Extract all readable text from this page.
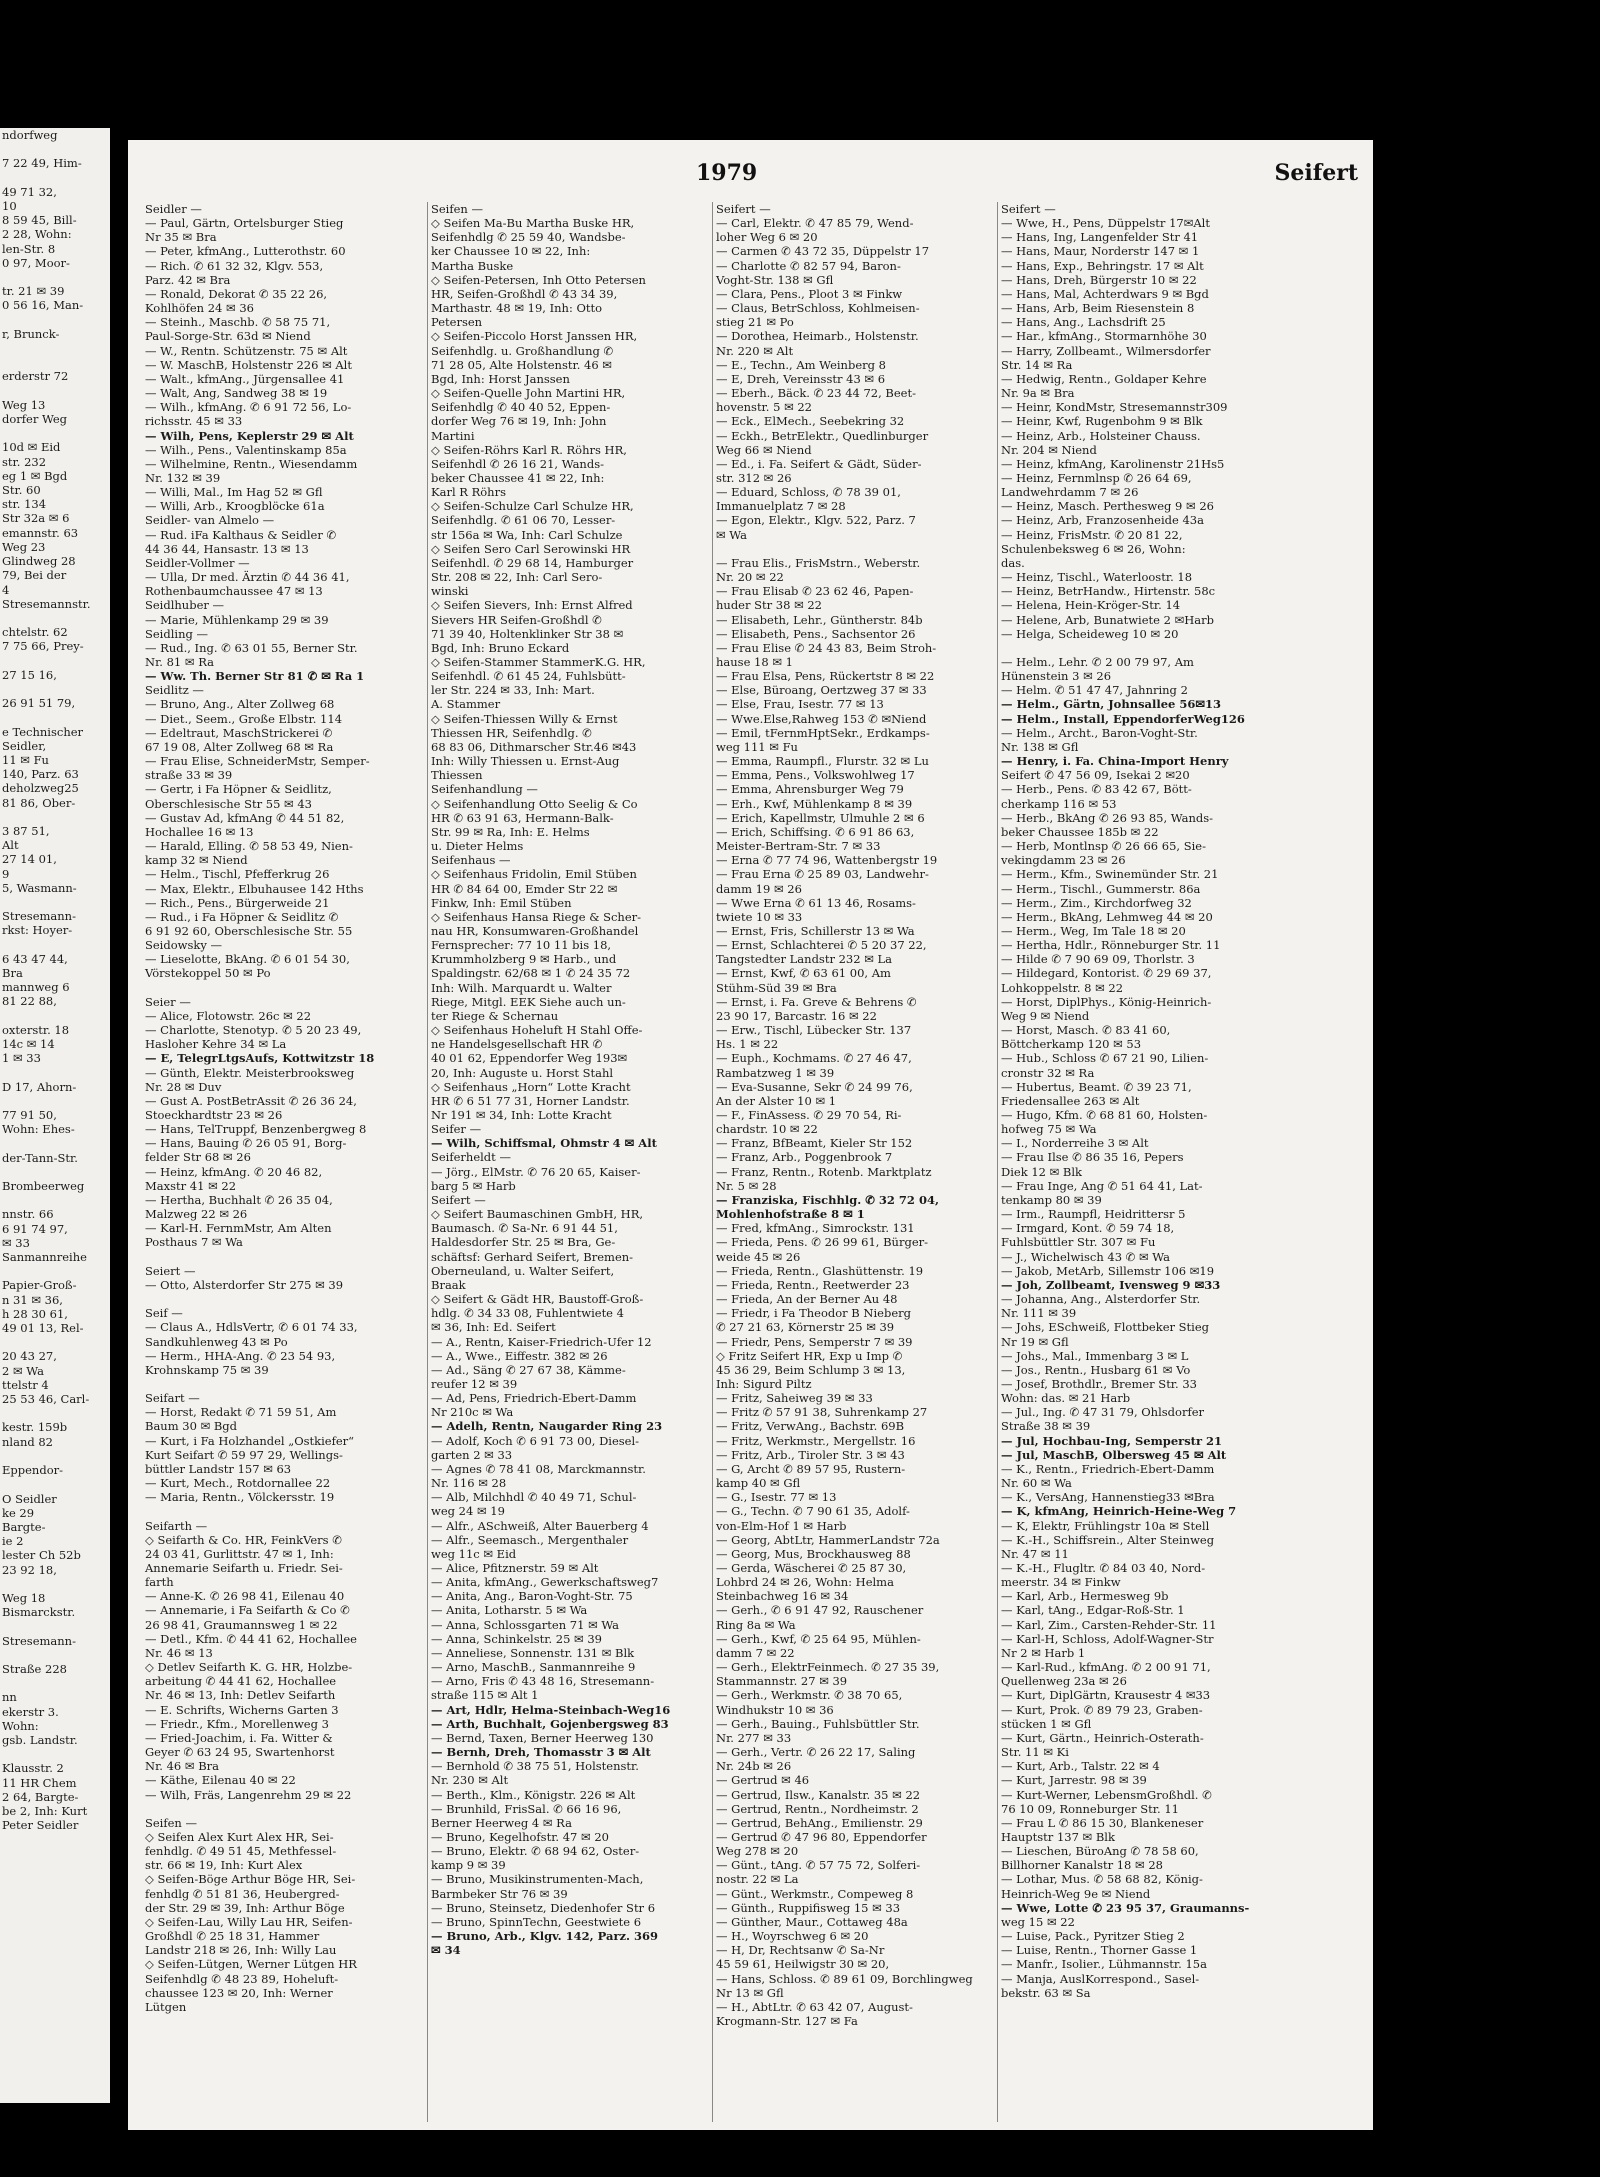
ndorfweg

7 22 49, Him-

49 71 32,
10
8 59 45, Bill-
2 28, Wohn:
len-Str. 8
0 97, Moor-

tr. 21 ✉ 39
0 56 16, Man-

r, Brunck-

erderstr 72

Weg 13
dorfer Weg

10d ✉ Eid
str. 232
eg 1 ✉ Bgd
Str. 60
str. 134
Str 32a ✉ 6
emannstr. 63
Weg 23
Glindweg 28
79, Bei der
4
Stresemannstr.

chtelstr. 62
7 75 66, Prey-

27 15 16,

26 91 51 79,

e Technischer
Seidler,
11 ✉ Fu
140, Parz. 63
deholzweg25
81 86, Ober-

3 87 51,
Alt
27 14 01,
9
5, Wasmann-

Stresemann-
rkst: Hoyer-

6 43 47 44,
Bra
mannweg 6
81 22 88,

oxterstr. 18
14c ✉ 14
1 ✉ 33

D 17, Ahorn-

77 91 50,
Wohn: Ehes-

der-Tann-Str.

Brombeerweg

nnstr. 66
6 91 74 97,
✉ 33
Sanmannreihe

Papier-Groß-
n 31 ✉ 36,
h 28 30 61,
49 01 13, Rel-

20 43 27,
2 ✉ Wa
ttelstr 4
25 53 46, Carl-

kestr. 159b
nland 82

Eppendor-

O Seidler
ke 29
Bargte-
ie 2
lester Ch 52b
23 92 18,

Weg 18
Bismarckstr.

Stresemann-

Straße 228

nn
ekerstr 3.
Wohn:
gsb. Landstr.

Klausstr. 2
11 HR Chem
2 64, Bargte-
be 2, Inh: Kurt
Peter Seidler
1979	Seifert
Seidler —
— Paul, Gärtn, Ortelsburger Stieg
Nr 35 ✉ Bra
— Peter, kfmAng., Lutterothstr. 60
— Rich. ✆ 61 32 32, Klgv. 553,
Parz. 42 ✉ Bra
— Ronald, Dekorat ✆ 35 22 26,
Kohlhöfen 24 ✉ 36
— Steinh., Maschb. ✆ 58 75 71,
Paul-Sorge-Str. 63d ✉ Niend
— W., Rentn. Schützenstr. 75 ✉ Alt
— W. MaschB, Holstenstr 226 ✉ Alt
— Walt., kfmAng., Jürgensallee 41
— Walt, Ang, Sandweg 38 ✉ 19
— Wilh., kfmAng. ✆ 6 91 72 56, Lo-
richsstr. 45 ✉ 33
— Wilh, Pens, Keplerstr 29 ✉ Alt
— Wilh., Pens., Valentinskamp 85a
— Wilhelmine, Rentn., Wiesendamm
Nr. 132 ✉ 39
— Willi, Mal., Im Hag 52 ✉ Gfl
— Willi, Arb., Kroogblöcke 61a
Seidler- van Almelo —
— Rud. iFa Kalthaus & Seidler ✆
44 36 44, Hansastr. 13 ✉ 13
Seidler-Vollmer —
— Ulla, Dr med. Ärztin ✆ 44 36 41,
Rothenbaumchaussee 47 ✉ 13
Seidlhuber —
— Marie, Mühlenkamp 29 ✉ 39
Seidling —
— Rud., Ing. ✆ 63 01 55, Berner Str.
Nr. 81 ✉ Ra
— Ww. Th. Berner Str 81 ✆ ✉ Ra 1
Seidlitz —
— Bruno, Ang., Alter Zollweg 68
— Diet., Seem., Große Elbstr. 114
— Edeltraut, MaschStrickerei ✆
67 19 08, Alter Zollweg 68 ✉ Ra
— Frau Elise, SchneiderMstr, Semper-
straße 33 ✉ 39
— Gertr, i Fa Höpner & Seidlitz,
Oberschlesische Str 55 ✉ 43
— Gustav Ad, kfmAng ✆ 44 51 82,
Hochallee 16 ✉ 13
— Harald, Elling. ✆ 58 53 49, Nien-
kamp 32 ✉ Niend
— Helm., Tischl, Pfefferkrug 26
— Max, Elektr., Elbuhausee 142 Hths
— Rich., Pens., Bürgerweide 21
— Rud., i Fa Höpner & Seidlitz ✆
6 91 92 60, Oberschlesische Str. 55
Seidowsky —
— Lieselotte, BkAng. ✆ 6 01 54 30,
Vörstekoppel 50 ✉ Po

Seier —
— Alice, Flotowstr. 26c ✉ 22
— Charlotte, Stenotyp. ✆ 5 20 23 49,
Hasloher Kehre 34 ✉ La
— E, TelegrLtgsAufs, Kottwitzstr 18
— Günth, Elektr. Meisterbrooksweg
Nr. 28 ✉ Duv
— Gust A. PostBetrAssit ✆ 26 36 24,
Stoeckhardtstr 23 ✉ 26
— Hans, TelTruppf, Benzenbergweg 8
— Hans, Bauing ✆ 26 05 91, Borg-
felder Str 68 ✉ 26
— Heinz, kfmAng. ✆ 20 46 82,
Maxstr 41 ✉ 22
— Hertha, Buchhalt ✆ 26 35 04,
Malzweg 22 ✉ 26
— Karl-H. FernmMstr, Am Alten
Posthaus 7 ✉ Wa

Seiert —
— Otto, Alsterdorfer Str 275 ✉ 39

Seif —
— Claus A., HdlsVertr, ✆ 6 01 74 33,
Sandkuhlenweg 43 ✉ Po
— Herm., HHA-Ang. ✆ 23 54 93,
Krohnskamp 75 ✉ 39

Seifart —
— Horst, Redakt ✆ 71 59 51, Am
Baum 30 ✉ Bgd
— Kurt, i Fa Holzhandel „Ostkiefer“
Kurt Seifart ✆ 59 97 29, Wellings-
büttler Landstr 157 ✉ 63
— Kurt, Mech., Rotdornallee 22
— Maria, Rentn., Völckersstr. 19

Seifarth —
◇ Seifarth & Co. HR, FeinkVers ✆
24 03 41, Gurlittstr. 47 ✉ 1, Inh:
Annemarie Seifarth u. Friedr. Sei-
farth
— Anne-K. ✆ 26 98 41, Eilenau 40
— Annemarie, i Fa Seifarth & Co ✆
26 98 41, Graumannsweg 1 ✉ 22
— Detl., Kfm. ✆ 44 41 62, Hochallee
Nr. 46 ✉ 13
◇ Detlev Seifarth K. G. HR, Holzbe-
arbeitung ✆ 44 41 62, Hochallee
Nr. 46 ✉ 13, Inh: Detlev Seifarth
— E. Schrifts, Wicherns Garten 3
— Friedr., Kfm., Morellenweg 3
— Fried-Joachim, i. Fa. Witter &
Geyer ✆ 63 24 95, Swartenhorst
Nr. 46 ✉ Bra
— Käthe, Eilenau 40 ✉ 22
— Wilh, Fräs, Langenrehm 29 ✉ 22

Seifen —
◇ Seifen Alex Kurt Alex HR, Sei-
fenhdlg. ✆ 49 51 45, Methfessel-
str. 66 ✉ 19, Inh: Kurt Alex
◇ Seifen-Böge Arthur Böge HR, Sei-
fenhdlg ✆ 51 81 36, Heubergred-
der Str. 29 ✉ 39, Inh: Arthur Böge
◇ Seifen-Lau, Willy Lau HR, Seifen-
Großhdl ✆ 25 18 31, Hammer
Landstr 218 ✉ 26, Inh: Willy Lau
◇ Seifen-Lütgen, Werner Lütgen HR
Seifenhdlg ✆ 48 23 89, Hoheluft-
chaussee 123 ✉ 20, Inh: Werner
Lütgen
Seifen —
◇ Seifen Ma-Bu Martha Buske HR,
Seifenhdlg ✆ 25 59 40, Wandsbe-
ker Chaussee 10 ✉ 22, Inh:
Martha Buske
◇ Seifen-Petersen, Inh Otto Petersen
HR, Seifen-Großhdl ✆ 43 34 39,
Marthastr. 48 ✉ 19, Inh: Otto
Petersen
◇ Seifen-Piccolo Horst Janssen HR,
Seifenhdlg. u. Großhandlung ✆
71 28 05, Alte Holstenstr. 46 ✉
Bgd, Inh: Horst Janssen
◇ Seifen-Quelle John Martini HR,
Seifenhdlg ✆ 40 40 52, Eppen-
dorfer Weg 76 ✉ 19, Inh: John
Martini
◇ Seifen-Röhrs Karl R. Röhrs HR,
Seifenhdl ✆ 26 16 21, Wands-
beker Chaussee 41 ✉ 22, Inh:
Karl R Röhrs
◇ Seifen-Schulze Carl Schulze HR,
Seifenhdlg. ✆ 61 06 70, Lesser-
str 156a ✉ Wa, Inh: Carl Schulze
◇ Seifen Sero Carl Serowinski HR
Seifenhdl. ✆ 29 68 14, Hamburger
Str. 208 ✉ 22, Inh: Carl Sero-
winski
◇ Seifen Sievers, Inh: Ernst Alfred
Sievers HR Seifen-Großhdl ✆
71 39 40, Holtenklinker Str 38 ✉
Bgd, Inh: Bruno Eckard
◇ Seifen-Stammer StammerK.G. HR,
Seifenhdl. ✆ 61 45 24, Fuhlsbütt-
ler Str. 224 ✉ 33, Inh: Mart.
A. Stammer
◇ Seifen-Thiessen Willy & Ernst
Thiessen HR, Seifenhdlg. ✆
68 83 06, Dithmarscher Str.46 ✉43
Inh: Willy Thiessen u. Ernst-Aug
Thiessen
Seifenhandlung —
◇ Seifenhandlung Otto Seelig & Co
HR ✆ 63 91 63, Hermann-Balk-
Str. 99 ✉ Ra, Inh: E. Helms
u. Dieter Helms
Seifenhaus —
◇ Seifenhaus Fridolin, Emil Stüben
HR ✆ 84 64 00, Emder Str 22 ✉
Finkw, Inh: Emil Stüben
◇ Seifenhaus Hansa Riege & Scher-
nau HR, Konsumwaren-Großhandel
Fernsprecher: 77 10 11 bis 18,
Krummholzberg 9 ✉ Harb., und
Spaldingstr. 62/68 ✉ 1 ✆ 24 35 72
Inh: Wilh. Marquardt u. Walter
Riege, Mitgl. EEK Siehe auch un-
ter Riege & Schernau
◇ Seifenhaus Hoheluft H Stahl Offe-
ne Handelsgesellschaft HR ✆
40 01 62, Eppendorfer Weg 193✉
20, Inh: Auguste u. Horst Stahl
◇ Seifenhaus „Horn“ Lotte Kracht
HR ✆ 6 51 77 31, Horner Landstr.
Nr 191 ✉ 34, Inh: Lotte Kracht
Seifer —
— Wilh, Schiffsmal, Ohmstr 4 ✉ Alt
Seiferheldt —
— Jörg., ElMstr. ✆ 76 20 65, Kaiser-
barg 5 ✉ Harb
Seifert —
◇ Seifert Baumaschinen GmbH, HR,
Baumasch. ✆ Sa-Nr. 6 91 44 51,
Haldesdorfer Str. 25 ✉ Bra, Ge-
schäftsf: Gerhard Seifert, Bremen-
Oberneuland, u. Walter Seifert,
Braak
◇ Seifert & Gädt HR, Baustoff-Groß-
hdlg. ✆ 34 33 08, Fuhlentwiete 4
✉ 36, Inh: Ed. Seifert
— A., Rentn, Kaiser-Friedrich-Ufer 12
— A., Wwe., Eiffestr. 382 ✉ 26
— Ad., Säng ✆ 27 67 38, Kämme-
reufer 12 ✉ 39
— Ad, Pens, Friedrich-Ebert-Damm
Nr 210c ✉ Wa
— Adelh, Rentn, Naugarder Ring 23
— Adolf, Koch ✆ 6 91 73 00, Diesel-
garten 2 ✉ 33
— Agnes ✆ 78 41 08, Marckmannstr.
Nr. 116 ✉ 28
— Alb, Milchhdl ✆ 40 49 71, Schul-
weg 24 ✉ 19
— Alfr., ASchweiß, Alter Bauerberg 4
— Alfr., Seemasch., Mergenthaler
weg 11c ✉ Eid
— Alice, Pfitznerstr. 59 ✉ Alt
— Anita, kfmAng., Gewerkschaftsweg7
— Anita, Ang., Baron-Voght-Str. 75
— Anita, Lotharstr. 5 ✉ Wa
— Anna, Schlossgarten 71 ✉ Wa
— Anna, Schinkelstr. 25 ✉ 39
— Anneliese, Sonnenstr. 131 ✉ Blk
— Arno, MaschB., Sanmannreihe 9
— Arno, Fris ✆ 43 48 16, Stresemann-
straße 115 ✉ Alt 1
— Art, Hdlr, Helma-Steinbach-Weg16
— Arth, Buchhalt, Gojenbergsweg 83
— Bernd, Taxen, Berner Heerweg 130
— Bernh, Dreh, Thomasstr 3 ✉ Alt
— Bernhold ✆ 38 75 51, Holstenstr.
Nr. 230 ✉ Alt
— Berth., Klm., Königstr. 226 ✉ Alt
— Brunhild, FrisSal. ✆ 66 16 96,
Berner Heerweg 4 ✉ Ra
— Bruno, Kegelhofstr. 47 ✉ 20
— Bruno, Elektr. ✆ 68 94 62, Oster-
kamp 9 ✉ 39
— Bruno, Musikinstrumenten-Mach,
Barmbeker Str 76 ✉ 39
— Bruno, Steinsetz, Diedenhofer Str 6
— Bruno, SpinnTechn, Geestwiete 6
— Bruno, Arb., Klgv. 142, Parz. 369
✉ 34
Seifert —
— Carl, Elektr. ✆ 47 85 79, Wend-
loher Weg 6 ✉ 20
— Carmen ✆ 43 72 35, Düppelstr 17
— Charlotte ✆ 82 57 94, Baron-
Voght-Str. 138 ✉ Gfl
— Clara, Pens., Ploot 3 ✉ Finkw
— Claus, BetrSchloss, Kohlmeisen-
stieg 21 ✉ Po
— Dorothea, Heimarb., Holstenstr.
Nr. 220 ✉ Alt
— E., Techn., Am Weinberg 8
— E, Dreh, Vereinsstr 43 ✉ 6
— Eberh., Bäck. ✆ 23 44 72, Beet-
hovenstr. 5 ✉ 22
— Eck., ElMech., Seebekring 32
— Eckh., BetrElektr., Quedlinburger
Weg 66 ✉ Niend
— Ed., i. Fa. Seifert & Gädt, Süder-
str. 312 ✉ 26
— Eduard, Schloss, ✆ 78 39 01,
Immanuelplatz 7 ✉ 28
— Egon, Elektr., Klgv. 522, Parz. 7
✉ Wa

— Frau Elis., FrisMstrn., Weberstr.
Nr. 20 ✉ 22
— Frau Elisab ✆ 23 62 46, Papen-
huder Str 38 ✉ 22
— Elisabeth, Lehr., Güntherstr. 84b
— Elisabeth, Pens., Sachsentor 26
— Frau Elise ✆ 24 43 83, Beim Stroh-
hause 18 ✉ 1
— Frau Elsa, Pens, Rückertstr 8 ✉ 22
— Else, Büroang, Oertzweg 37 ✉ 33
— Else, Frau, Isestr. 77 ✉ 13
— Wwe.Else,Rahweg 153 ✆ ✉Niend
— Emil, tFernmHptSekr., Erdkamps-
weg 111 ✉ Fu
— Emma, Raumpfl., Flurstr. 32 ✉ Lu
— Emma, Pens., Volkswohlweg 17
— Emma, Ahrensburger Weg 79
— Erh., Kwf, Mühlenkamp 8 ✉ 39
— Erich, Kapellmstr, Ulmuhle 2 ✉ 6
— Erich, Schiffsing. ✆ 6 91 86 63,
Meister-Bertram-Str. 7 ✉ 33
— Erna ✆ 77 74 96, Wattenbergstr 19
— Frau Erna ✆ 25 89 03, Landwehr-
damm 19 ✉ 26
— Wwe Erna ✆ 61 13 46, Rosams-
twiete 10 ✉ 33
— Ernst, Fris, Schillerstr 13 ✉ Wa
— Ernst, Schlachterei ✆ 5 20 37 22,
Tangstedter Landstr 232 ✉ La
— Ernst, Kwf, ✆ 63 61 00, Am
Stühm-Süd 39 ✉ Bra
— Ernst, i. Fa. Greve & Behrens ✆
23 90 17, Barcastr. 16 ✉ 22
— Erw., Tischl, Lübecker Str. 137
Hs. 1 ✉ 22
— Euph., Kochmams. ✆ 27 46 47,
Rambatzweg 1 ✉ 39
— Eva-Susanne, Sekr ✆ 24 99 76,
An der Alster 10 ✉ 1
— F., FinAssess. ✆ 29 70 54, Ri-
chardstr. 10 ✉ 22
— Franz, BfBeamt, Kieler Str 152
— Franz, Arb., Poggenbrook 7
— Franz, Rentn., Rotenb. Marktplatz
Nr. 5 ✉ 28
— Franziska, Fischhlg. ✆ 32 72 04,
Mohlenhofstraße 8 ✉ 1
— Fred, kfmAng., Simrockstr. 131
— Frieda, Pens. ✆ 26 99 61, Bürger-
weide 45 ✉ 26
— Frieda, Rentn., Glashüttenstr. 19
— Frieda, Rentn., Reetwerder 23
— Frieda, An der Berner Au 48
— Friedr, i Fa Theodor B Nieberg
✆ 27 21 63, Körnerstr 25 ✉ 39
— Friedr, Pens, Semperstr 7 ✉ 39
◇ Fritz Seifert HR, Exp u Imp ✆
45 36 29, Beim Schlump 3 ✉ 13,
Inh: Sigurd Piltz
— Fritz, Saheiweg 39 ✉ 33
— Fritz ✆ 57 91 38, Suhrenkamp 27
— Fritz, VerwAng., Bachstr. 69B
— Fritz, Werkmstr., Mergellstr. 16
— Fritz, Arb., Tiroler Str. 3 ✉ 43
— G, Archt ✆ 89 57 95, Rustern-
kamp 40 ✉ Gfl
— G., Isestr. 77 ✉ 13
— G., Techn. ✆ 7 90 61 35, Adolf-
von-Elm-Hof 1 ✉ Harb
— Georg, AbtLtr, HammerLandstr 72a
— Georg, Mus, Brockhausweg 88
— Gerda, Wäscherei ✆ 25 87 30,
Lohbrd 24 ✉ 26, Wohn: Helma
Steinbachweg 16 ✉ 34
— Gerh., ✆ 6 91 47 92, Rauschener
Ring 8a ✉ Wa
— Gerh., Kwf, ✆ 25 64 95, Mühlen-
damm 7 ✉ 22
— Gerh., ElektrFeinmech. ✆ 27 35 39,
Stammannstr. 27 ✉ 39
— Gerh., Werkmstr. ✆ 38 70 65,
Windhukstr 10 ✉ 36
— Gerh., Bauing., Fuhlsbüttler Str.
Nr. 277 ✉ 33
— Gerh., Vertr. ✆ 26 22 17, Saling
Nr. 24b ✉ 26
— Gertrud ✉ 46
— Gertrud, Ilsw., Kanalstr. 35 ✉ 22
— Gertrud, Rentn., Nordheimstr. 2
— Gertrud, BehAng., Emilienstr. 29
— Gertrud ✆ 47 96 80, Eppendorfer
Weg 278 ✉ 20
— Günt., tAng. ✆ 57 75 72, Solferi-
nostr. 22 ✉ La
— Günt., Werkmstr., Compeweg 8
— Günth., Ruppifisweg 15 ✉ 33
— Günther, Maur., Cottaweg 48a
— H., Woyrschweg 6 ✉ 20
— H, Dr, Rechtsanw ✆ Sa-Nr
45 59 61, Heilwigstr 30 ✉ 20,
— Hans, Schloss. ✆ 89 61 09, Borchlingweg
Nr 13 ✉ Gfl
— H., AbtLtr. ✆ 63 42 07, August-
Krogmann-Str. 127 ✉ Fa
Seifert —
— Wwe, H., Pens, Düppelstr 17✉Alt
— Hans, Ing, Langenfelder Str 41
— Hans, Maur, Norderstr 147 ✉ 1
— Hans, Exp., Behringstr. 17 ✉ Alt
— Hans, Dreh, Bürgerstr 10 ✉ 22
— Hans, Mal, Achterdwars 9 ✉ Bgd
— Hans, Arb, Beim Riesenstein 8
— Hans, Ang., Lachsdrift 25
— Har., kfmAng., Stormarnhöhe 30
— Harry, Zollbeamt., Wilmersdorfer
Str. 14 ✉ Ra
— Hedwig, Rentn., Goldaper Kehre
Nr. 9a ✉ Bra
— Heinr, KondMstr, Stresemannstr309
— Heinr, Kwf, Rugenbohm 9 ✉ Blk
— Heinz, Arb., Holsteiner Chauss.
Nr. 204 ✉ Niend
— Heinz, kfmAng, Karolinenstr 21Hs5
— Heinz, Fernmlnsp ✆ 26 64 69,
Landwehrdamm 7 ✉ 26
— Heinz, Masch. Perthesweg 9 ✉ 26
— Heinz, Arb, Franzosenheide 43a
— Heinz, FrisMstr. ✆ 20 81 22,
Schulenbeksweg 6 ✉ 26, Wohn:
das.
— Heinz, Tischl., Waterloostr. 18
— Heinz, BetrHandw., Hirtenstr. 58c
— Helena, Hein-Kröger-Str. 14
— Helene, Arb, Bunatwiete 2 ✉Harb
— Helga, Scheideweg 10 ✉ 20

— Helm., Lehr. ✆ 2 00 79 97, Am
Hünenstein 3 ✉ 26
— Helm. ✆ 51 47 47, Jahnring 2
— Helm., Gärtn, Johnsallee 56✉13
— Helm., Install, EppendorferWeg126
— Helm., Archt., Baron-Voght-Str.
Nr. 138 ✉ Gfl
— Henry, i. Fa. China-Import Henry
Seifert ✆ 47 56 09, Isekai 2 ✉20
— Herb., Pens. ✆ 83 42 67, Bött-
cherkamp 116 ✉ 53
— Herb., BkAng ✆ 26 93 85, Wands-
beker Chaussee 185b ✉ 22
— Herb, Montlnsp ✆ 26 66 65, Sie-
vekingdamm 23 ✉ 26
— Herm., Kfm., Swinemünder Str. 21
— Herm., Tischl., Gummerstr. 86a
— Herm., Zim., Kirchdorfweg 32
— Herm., BkAng, Lehmweg 44 ✉ 20
— Herm., Weg, Im Tale 18 ✉ 20
— Hertha, Hdlr., Rönneburger Str. 11
— Hilde ✆ 7 90 69 09, Thorlstr. 3
— Hildegard, Kontorist. ✆ 29 69 37,
Lohkoppelstr. 8 ✉ 22
— Horst, DiplPhys., König-Heinrich-
Weg 9 ✉ Niend
— Horst, Masch. ✆ 83 41 60,
Böttcherkamp 120 ✉ 53
— Hub., Schloss ✆ 67 21 90, Lilien-
cronstr 32 ✉ Ra
— Hubertus, Beamt. ✆ 39 23 71,
Friedensallee 263 ✉ Alt
— Hugo, Kfm. ✆ 68 81 60, Holsten-
hofweg 75 ✉ Wa
— I., Norderreihe 3 ✉ Alt
— Frau Ilse ✆ 86 35 16, Pepers
Diek 12 ✉ Blk
— Frau Inge, Ang ✆ 51 64 41, Lat-
tenkamp 80 ✉ 39
— Irm., Raumpfl, Heidrittersr 5
— Irmgard, Kont. ✆ 59 74 18,
Fuhlsbüttler Str. 307 ✉ Fu
— J., Wichelwisch 43 ✆ ✉ Wa
— Jakob, MetArb, Sillemstr 106 ✉19
— Joh, Zollbeamt, Ivensweg 9 ✉33
— Johanna, Ang., Alsterdorfer Str.
Nr. 111 ✉ 39
— Johs, ESchweiß, Flottbeker Stieg
Nr 19 ✉ Gfl
— Johs., Mal., Immenbarg 3 ✉ L
— Jos., Rentn., Husbarg 61 ✉ Vo
— Josef, Brothdlr., Bremer Str. 33
Wohn: das. ✉ 21 Harb
— Jul., Ing. ✆ 47 31 79, Ohlsdorfer
Straße 38 ✉ 39
— Jul, Hochbau-Ing, Semperstr 21
— Jul, MaschB, Olbersweg 45 ✉ Alt
— K., Rentn., Friedrich-Ebert-Damm
Nr. 60 ✉ Wa
— K., VersAng, Hannenstieg33 ✉Bra
— K, kfmAng, Heinrich-Heine-Weg 7
— K, Elektr, Frühlingstr 10a ✉ Stell
— K.-H., Schiffsrein., Alter Steinweg
Nr. 47 ✉ 11
— K.-H., Flugltr. ✆ 84 03 40, Nord-
meerstr. 34 ✉ Finkw
— Karl, Arb., Hermesweg 9b
— Karl, tAng., Edgar-Roß-Str. 1
— Karl, Zim., Carsten-Rehder-Str. 11
— Karl-H, Schloss, Adolf-Wagner-Str
Nr 2 ✉ Harb 1
— Karl-Rud., kfmAng. ✆ 2 00 91 71,
Quellenweg 23a ✉ 26
— Kurt, DiplGärtn, Krausestr 4 ✉33
— Kurt, Prok. ✆ 89 79 23, Graben-
stücken 1 ✉ Gfl
— Kurt, Gärtn., Heinrich-Osterath-
Str. 11 ✉ Ki
— Kurt, Arb., Talstr. 22 ✉ 4
— Kurt, Jarrestr. 98 ✉ 39
— Kurt-Werner, LebensmGroßhdl. ✆
76 10 09, Ronneburger Str. 11
— Frau L ✆ 86 15 30, Blankeneser
Hauptstr 137 ✉ Blk
— Lieschen, BüroAng ✆ 78 58 60,
Billhorner Kanalstr 18 ✉ 28
— Lothar, Mus. ✆ 58 68 82, König-
Heinrich-Weg 9e ✉ Niend
— Wwe, Lotte ✆ 23 95 37, Graumanns-
weg 15 ✉ 22
— Luise, Pack., Pyritzer Stieg 2
— Luise, Rentn., Thorner Gasse 1
— Manfr., Isolier., Lühmannstr. 15a
— Manja, AuslKorrespond., Sasel-
bekstr. 63 ✉ Sa
